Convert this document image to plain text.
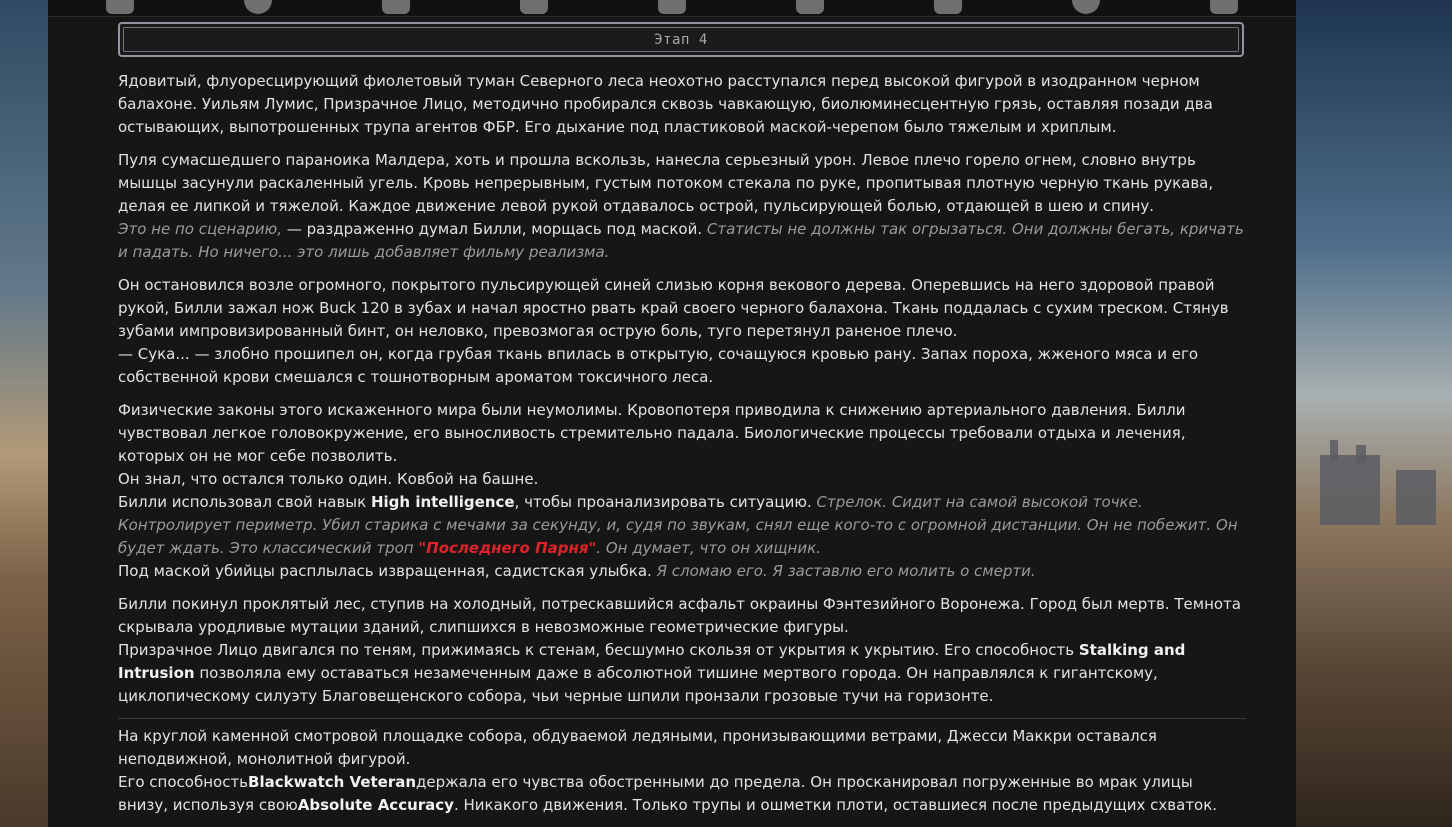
Этап 4

Ядовитый, флуоресцирующий фиолетовый туман Северного леса неохотно расступался перед высокой фигурой в изодранном черном балахоне. Уильям Лумис, Призрачное Лицо, методично пробирался сквозь чавкающую, биолюминесцентную грязь, оставляя позади два остывающих, выпотрошенных трупа агентов ФБР. Его дыхание под пластиковой маской-черепом было тяжелым и хриплым.

Пуля сумасшедшего параноика Малдера, хоть и прошла вскользь, нанесла серьезный урон. Левое плечо горело огнем, словно внутрь мышцы засунули раскаленный угель. Кровь непрерывным, густым потоком стекала по руке, пропитывая плотную черную ткань рукава, делая ее липкой и тяжелой. Каждое движение левой рукой отдавалось острой, пульсирующей болью, отдающей в шею и спину.
Это не по сценарию, — раздраженно думал Билли, морщась под маской. Статисты не должны так огрызаться. Они должны бегать, кричать и падать. Но ничего... это лишь добавляет фильму реализма.

Он остановился возле огромного, покрытого пульсирующей синей слизью корня векового дерева. Оперевшись на него здоровой правой рукой, Билли зажал нож Buck 120 в зубах и начал яростно рвать край своего черного балахона. Ткань поддалась с сухим треском. Стянув зубами импровизированный бинт, он неловко, превозмогая острую боль, туго перетянул раненое плечо.
— Сука... — злобно прошипел он, когда грубая ткань впилась в открытую, сочащуюся кровью рану. Запах пороха, жженого мяса и его собственной крови смешался с тошнотворным ароматом токсичного леса.

Физические законы этого искаженного мира были неумолимы. Кровопотеря приводила к снижению артериального давления. Билли чувствовал легкое головокружение, его выносливость стремительно падала. Биологические процессы требовали отдыха и лечения, которых он не мог себе позволить.
Он знал, что остался только один. Ковбой на башне.
Билли использовал свой навык High intelligence, чтобы проанализировать ситуацию. Стрелок. Сидит на самой высокой точке. Контролирует периметр. Убил старика с мечами за секунду, и, судя по звукам, снял еще кого-то с огромной дистанции. Он не побежит. Он будет ждать. Это классический троп "Последнего Парня". Он думает, что он хищник.
Под маской убийцы расплылась извращенная, садистская улыбка. Я сломаю его. Я заставлю его молить о смерти.

Билли покинул проклятый лес, ступив на холодный, потрескавшийся асфальт окраины Фэнтезийного Воронежа. Город был мертв. Темнота скрывала уродливые мутации зданий, слипшихся в невозможные геометрические фигуры.
Призрачное Лицо двигался по теням, прижимаясь к стенам, бесшумно скользя от укрытия к укрытию. Его способность Stalking and Intrusion позволяла ему оставаться незамеченным даже в абсолютной тишине мертвого города. Он направлялся к гигантскому, циклопическому силуэту Благовещенского собора, чьи черные шпили пронзали грозовые тучи на горизонте.

На круглой каменной смотровой площадке собора, обдуваемой ледяными, пронизывающими ветрами, Джесси Маккри оставался неподвижной, монолитной фигурой.
Его способностьBlackwatch Veteranдержала его чувства обостренными до предела. Он просканировал погруженные во мрак улицы внизу, используя своюAbsolute Accuracy. Никакого движения. Только трупы и ошметки плоти, оставшиеся после предыдущих схваток.
